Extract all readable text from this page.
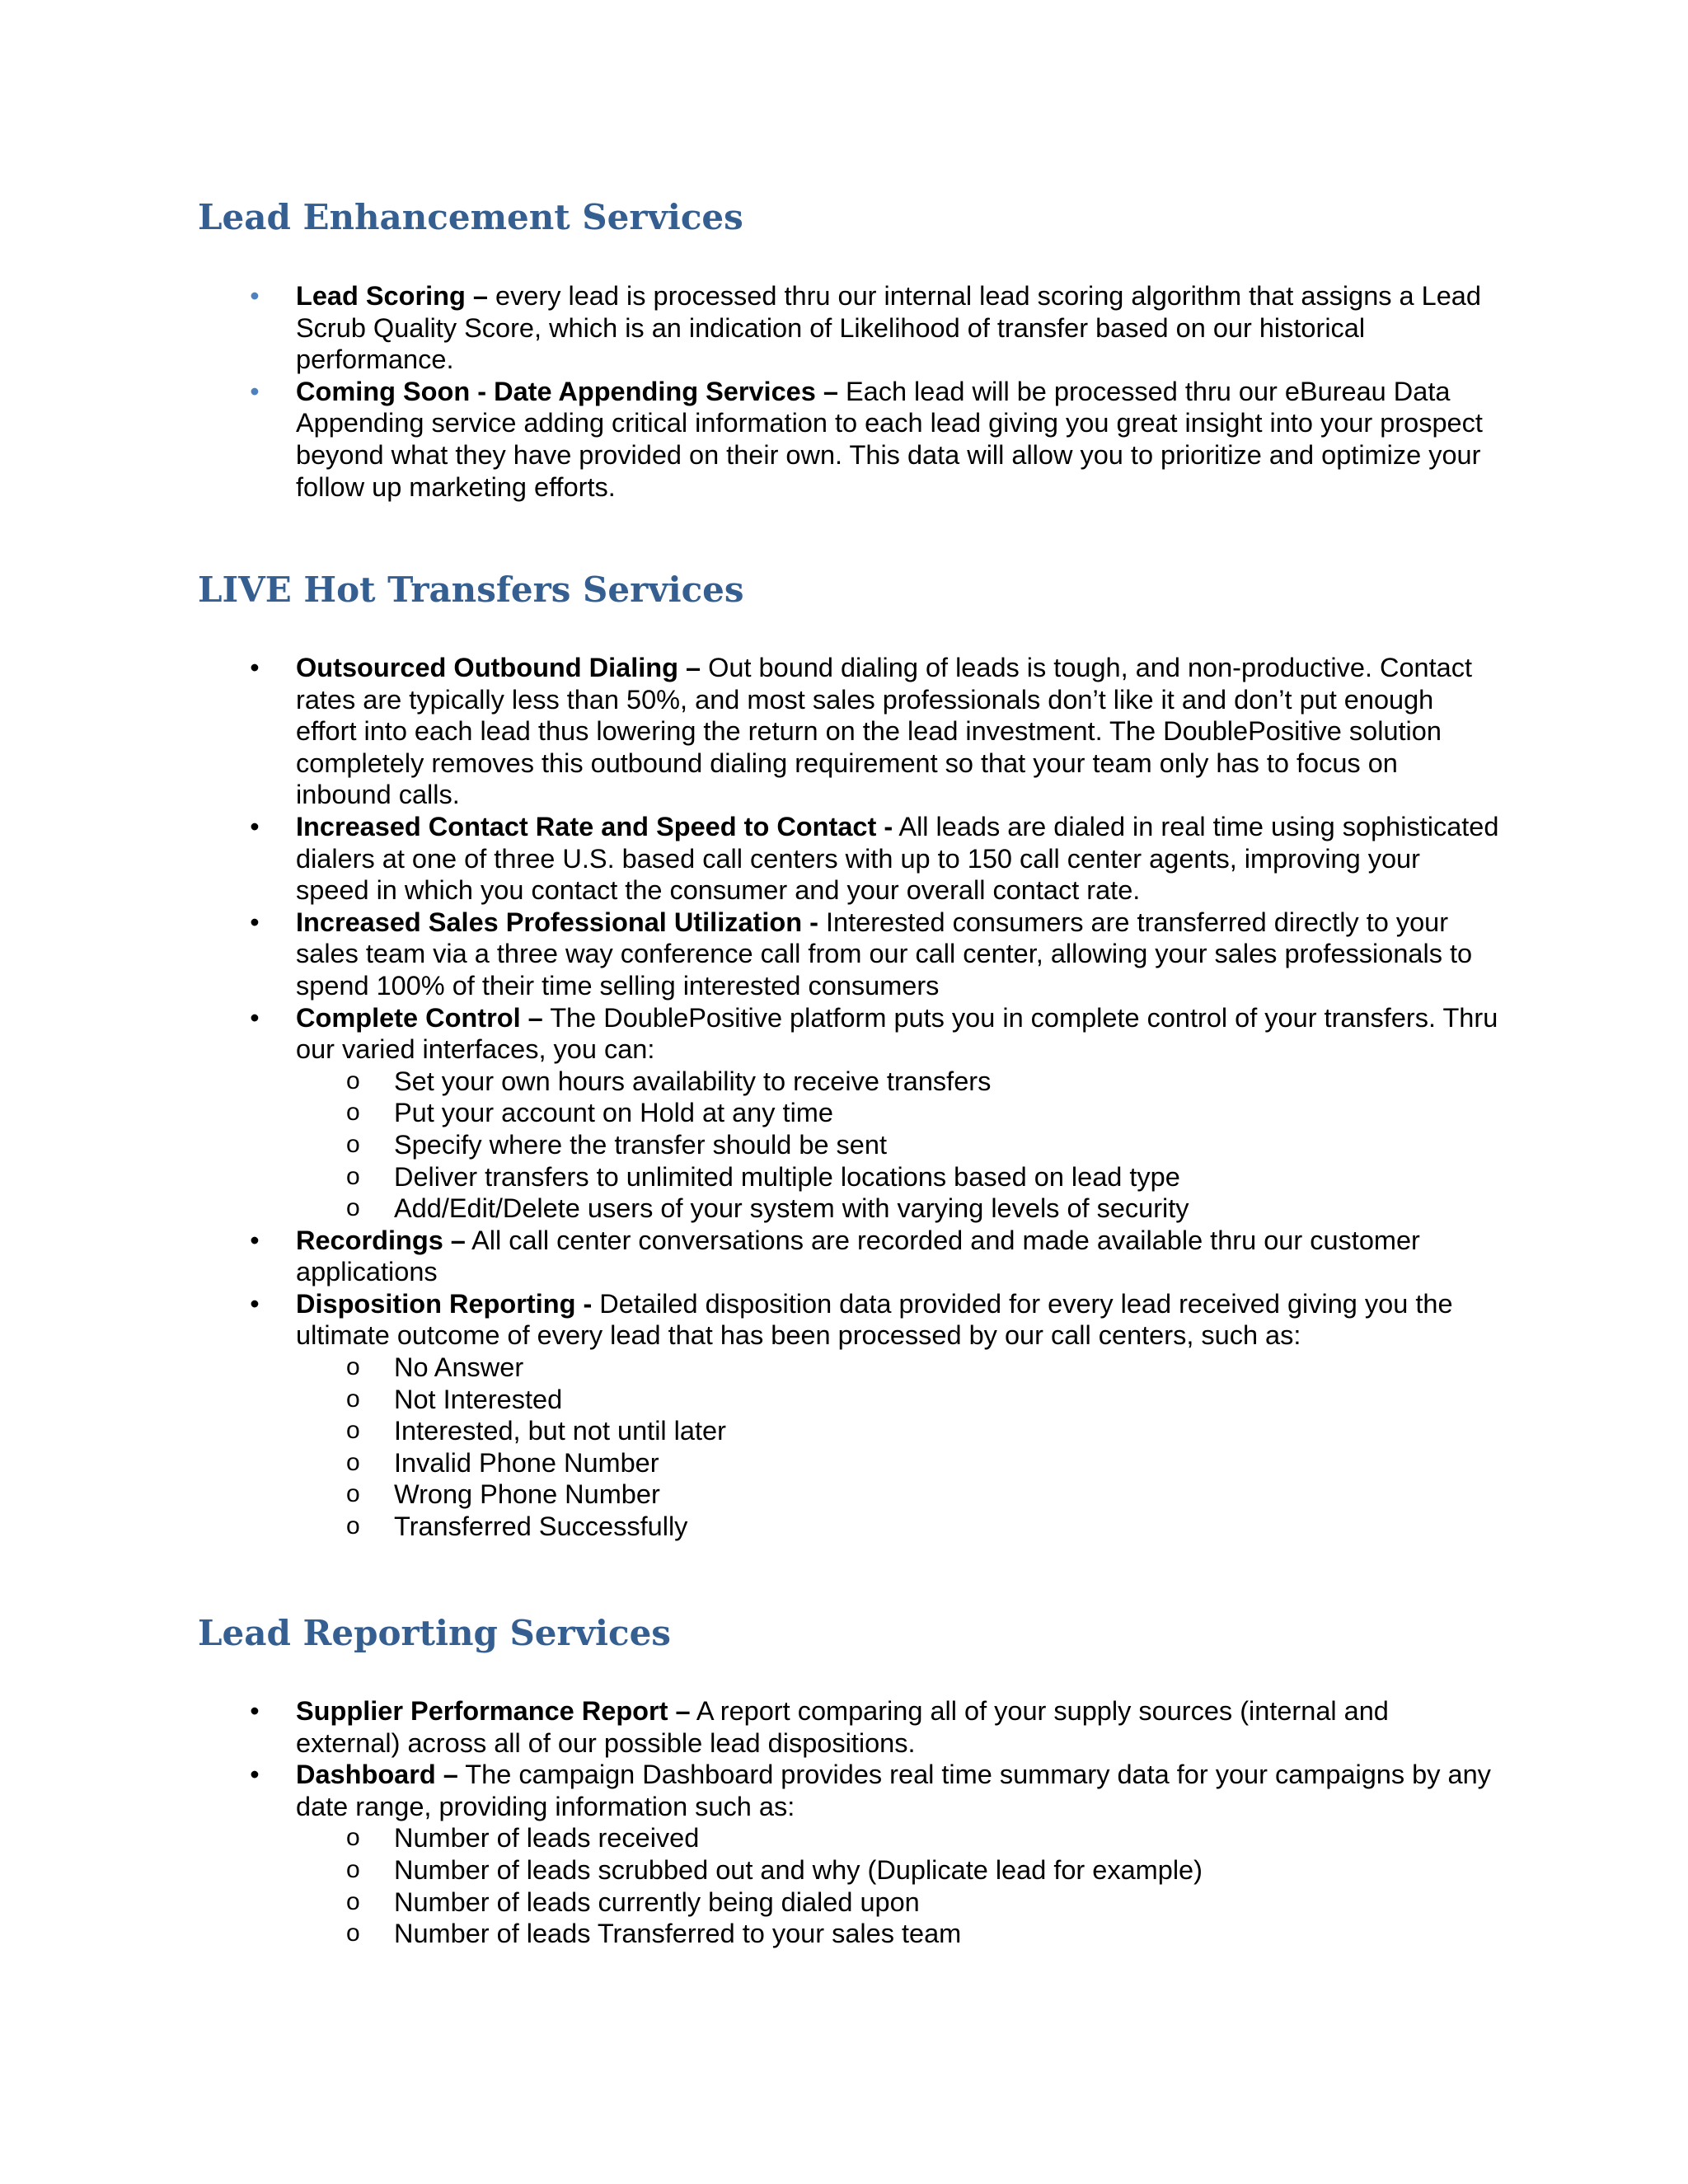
Lead Enhancement Services
• Lead Scoring – every lead is processed thru our internal lead scoring algorithm that assigns a Lead Scrub Quality Score, which is an indication of Likelihood of transfer based on our historical performance.
• Coming Soon - Date Appending Services – Each lead will be processed thru our eBureau Data Appending service adding critical information to each lead giving you great insight into your prospect beyond what they have provided on their own. This data will allow you to prioritize and optimize your follow up marketing efforts.
LIVE Hot Transfers Services
• Outsourced Outbound Dialing – Out bound dialing of leads is tough, and non-productive. Contact rates are typically less than 50%, and most sales professionals don’t like it and don’t put enough effort into each lead thus lowering the return on the lead investment. The DoublePositive solution completely removes this outbound dialing requirement so that your team only has to focus on inbound calls.
• Increased Contact Rate and Speed to Contact - All leads are dialed in real time using sophisticated dialers at one of three U.S. based call centers with up to 150 call center agents, improving your speed in which you contact the consumer and your overall contact rate.
• Increased Sales Professional Utilization - Interested consumers are transferred directly to your sales team via a three way conference call from our call center, allowing your sales professionals to spend 100% of their time selling interested consumers
• Complete Control – The DoublePositive platform puts you in complete control of your transfers. Thru our varied interfaces, you can:
o Set your own hours availability to receive transfers
o Put your account on Hold at any time
o Specify where the transfer should be sent
o Deliver transfers to unlimited multiple locations based on lead type
o Add/Edit/Delete users of your system with varying levels of security
• Recordings – All call center conversations are recorded and made available thru our customer applications
• Disposition Reporting - Detailed disposition data provided for every lead received giving you the ultimate outcome of every lead that has been processed by our call centers, such as:
o No Answer
o Not Interested
o Interested, but not until later
o Invalid Phone Number
o Wrong Phone Number
o Transferred Successfully
Lead Reporting Services
• Supplier Performance Report – A report comparing all of your supply sources (internal and external) across all of our possible lead dispositions.
• Dashboard – The campaign Dashboard provides real time summary data for your campaigns by any date range, providing information such as:
o Number of leads received
o Number of leads scrubbed out and why (Duplicate lead for example)
o Number of leads currently being dialed upon
o Number of leads Transferred to your sales team
